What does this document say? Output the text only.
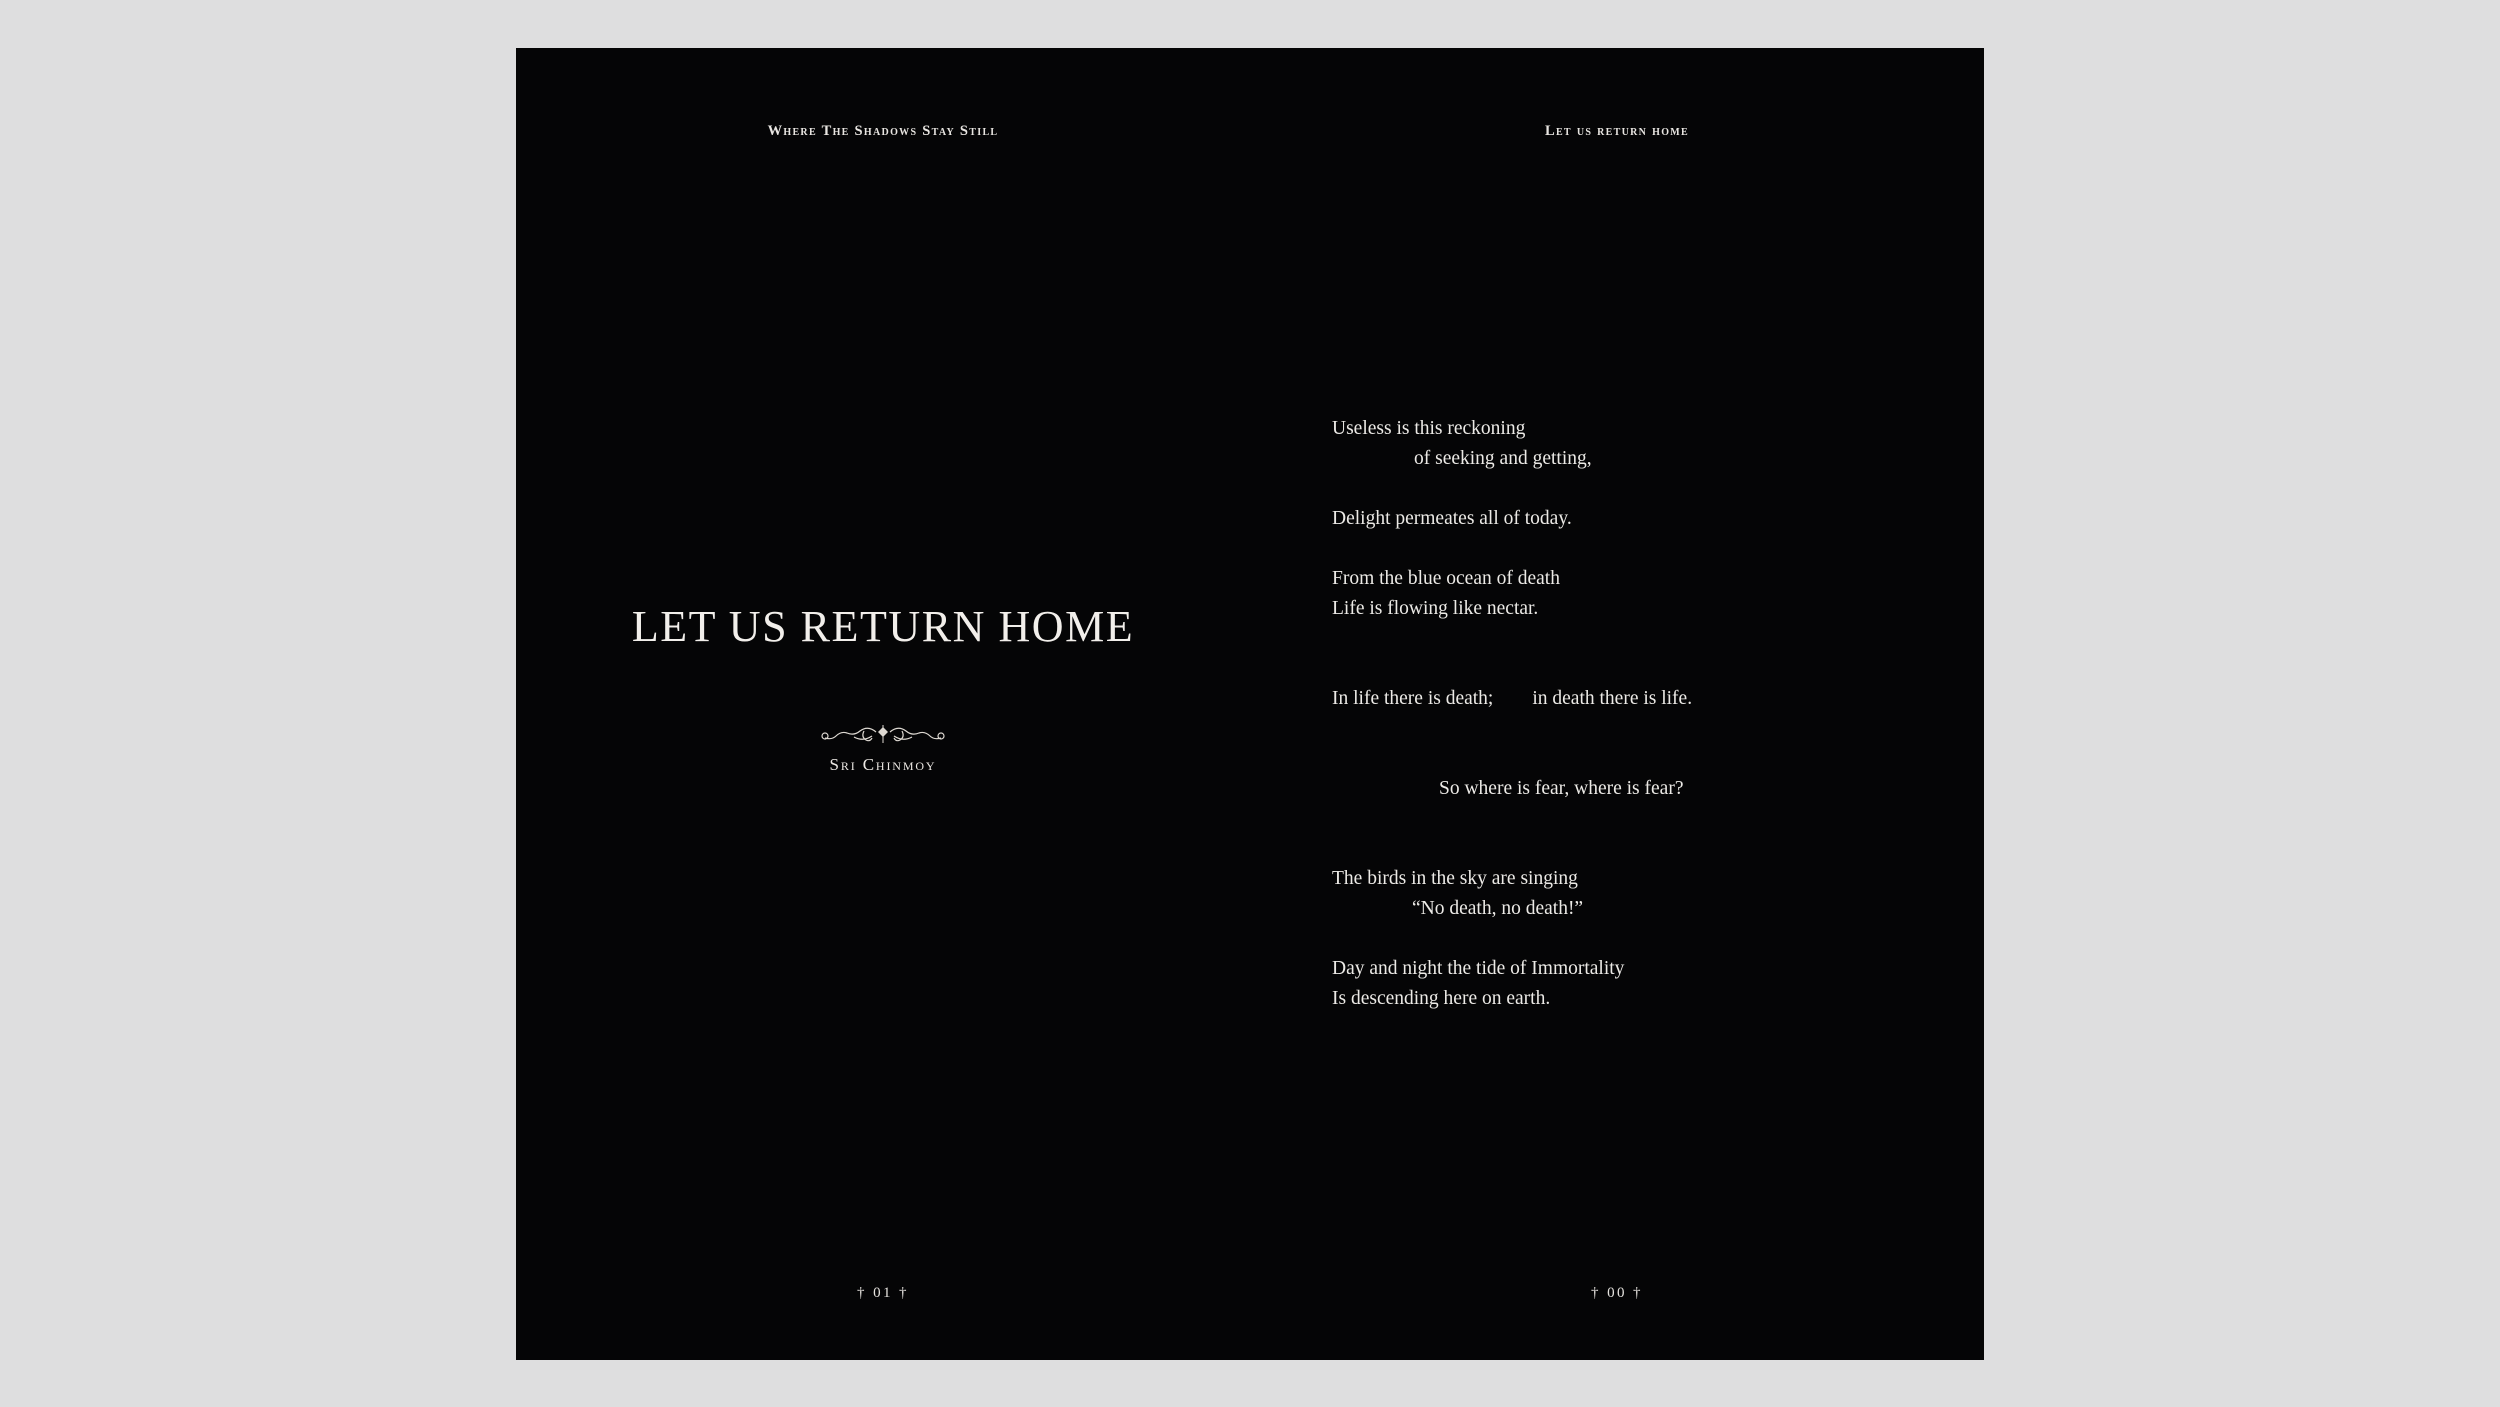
Where The Shadows Stay Still
LET US RETURN HOME
Sri Chinmoy
† 01 †
Let us return home
Useless is this reckoning
of seeking and getting,
Delight permeates all of today.
From the blue ocean of death
Life is flowing like nectar.
In life there is death;        in death there is life.
So where is fear, where is fear?
The birds in the sky are singing
“No death, no death!”
Day and night the tide of Immortality
Is descending here on earth.
† 00 †
